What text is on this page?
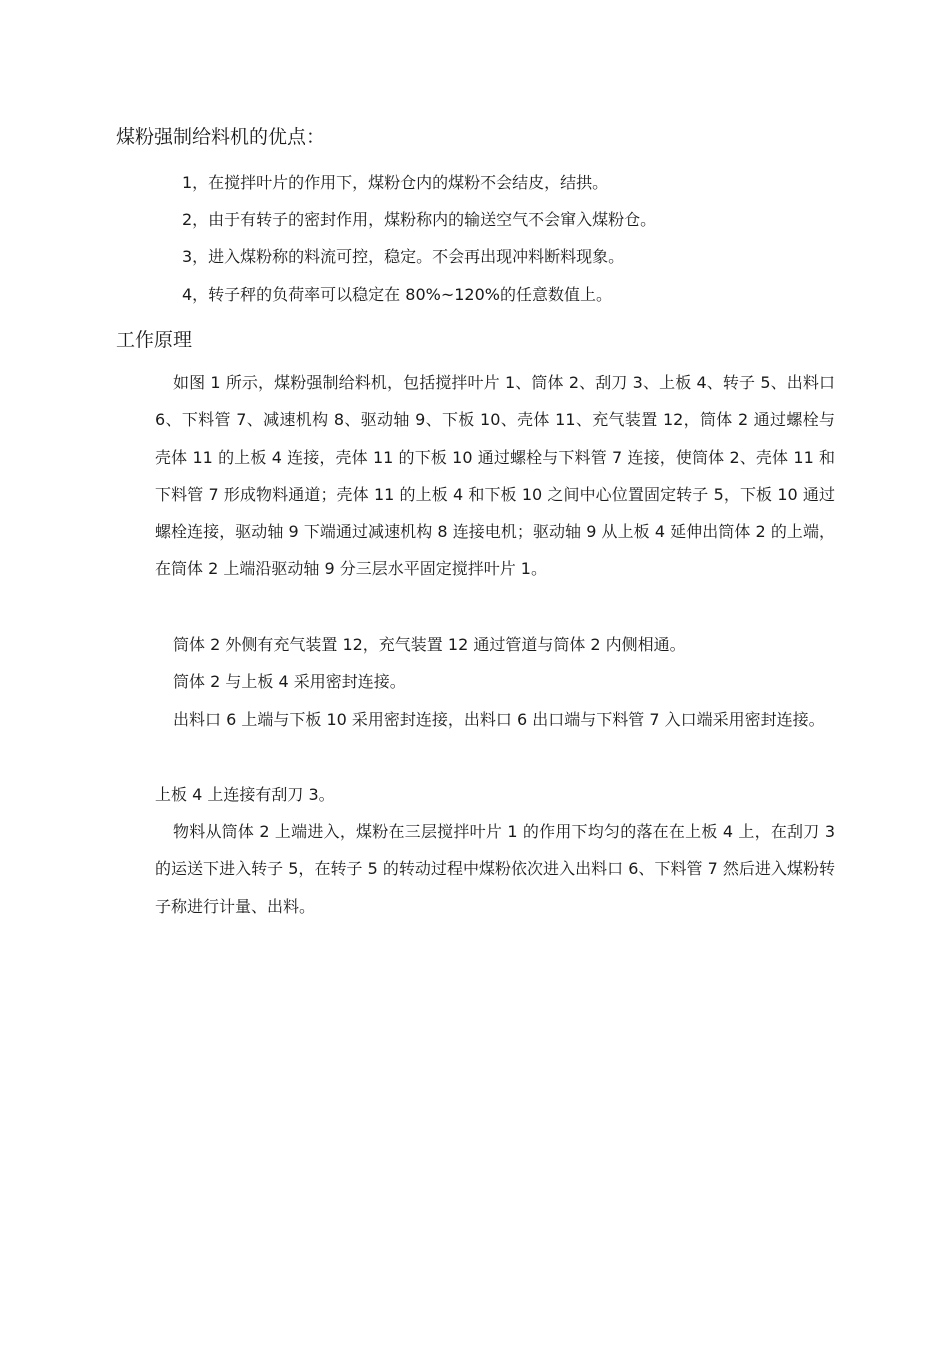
煤粉强制给料机的优点：
1，在搅拌叶片的作用下，煤粉仓内的煤粉不会结皮，结拱。
2，由于有转子的密封作用，煤粉称内的输送空气不会窜入煤粉仓。
3，进入煤粉称的料流可控，稳定。不会再出现冲料断料现象。
4，转子秤的负荷率可以稳定在 80%~120%的任意数值上。
工作原理
如图 1 所示，煤粉强制给料机，包括搅拌叶片 1、筒体 2、刮刀 3、上板 4、转子 5、出料口 6、下料管 7、减速机构 8、驱动轴 9、下板 10、壳体 11、充气装置 12，筒体 2 通过螺栓与壳体 11 的上板 4 连接，壳体 11 的下板 10 通过螺栓与下料管 7 连接，使筒体 2、壳体 11 和下料管 7 形成物料通道；壳体 11 的上板 4 和下板 10 之间中心位置固定转子 5，下板 10 通过螺栓连接，驱动轴 9 下端通过减速机构 8 连接电机；驱动轴 9 从上板 4 延伸出筒体 2 的上端，在筒体 2 上端沿驱动轴 9 分三层水平固定搅拌叶片 1。
筒体 2 外侧有充气装置 12，充气装置 12 通过管道与筒体 2 内侧相通。
筒体 2 与上板 4 采用密封连接。
出料口 6 上端与下板 10 采用密封连接，出料口 6 出口端与下料管 7 入口端采用密封连接。
上板 4 上连接有刮刀 3。
物料从筒体 2 上端进入，煤粉在三层搅拌叶片 1 的作用下均匀的落在在上板 4 上，在刮刀 3 的运送下进入转子 5，在转子 5 的转动过程中煤粉依次进入出料口 6、下料管 7 然后进入煤粉转子称进行计量、出料。
